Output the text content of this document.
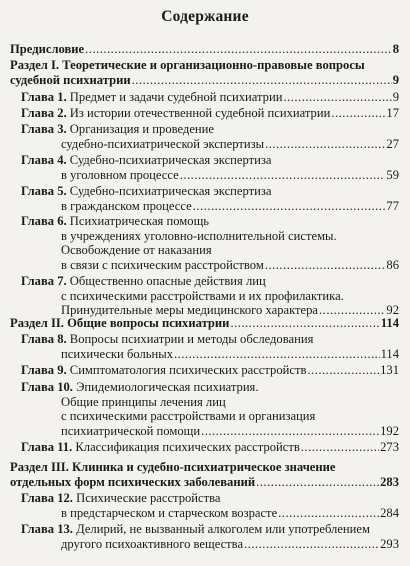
Содержание
Предисловие .....	8
Раздел I. Теоретические и организационно-правовые вопросы
судебной психиатрии .....	9
Глава 1. Предмет и задачи судебной психиатрии .....	9
Глава 2. Из истории отечественной судебной психиатрии .....	17
Глава 3. Организация и проведение
судебно-психиатрической экспертизы .....	27
Глава 4. Судебно-психиатрическая экспертиза
в уголовном процессе .....	59
Глава 5. Судебно-психиатрическая экспертиза
в гражданском процессе .....	77
Глава 6. Психиатрическая помощь
в учреждениях уголовно-исполнительной системы.
Освобождение от наказания
в связи с психическим расстройством .....	86
Глава 7. Общественно опасные действия лиц
с психическими расстройствами и их профилактика.
Принудительные меры медицинского характера .....	92
Раздел II. Общие вопросы психиатрии .....	114
Глава 8. Вопросы психиатрии и методы обследования
психически больных .....	114
Глава 9. Симптоматология психических расстройств .....	131
Глава 10. Эпидемиологическая психиатрия.
Общие принципы лечения лиц
с психическими расстройствами и организация
психиатрической помощи .....	192
Глава 11. Классификация психических расстройств .....	273
Раздел III. Клиника и судебно-психиатрическое значение
отдельных форм психических заболеваний .....	283
Глава 12. Психические расстройства
в предстарческом и старческом возрасте .....	284
Глава 13. Делирий, не вызванный алкоголем или употреблением
другого психоактивного вещества .....	293
